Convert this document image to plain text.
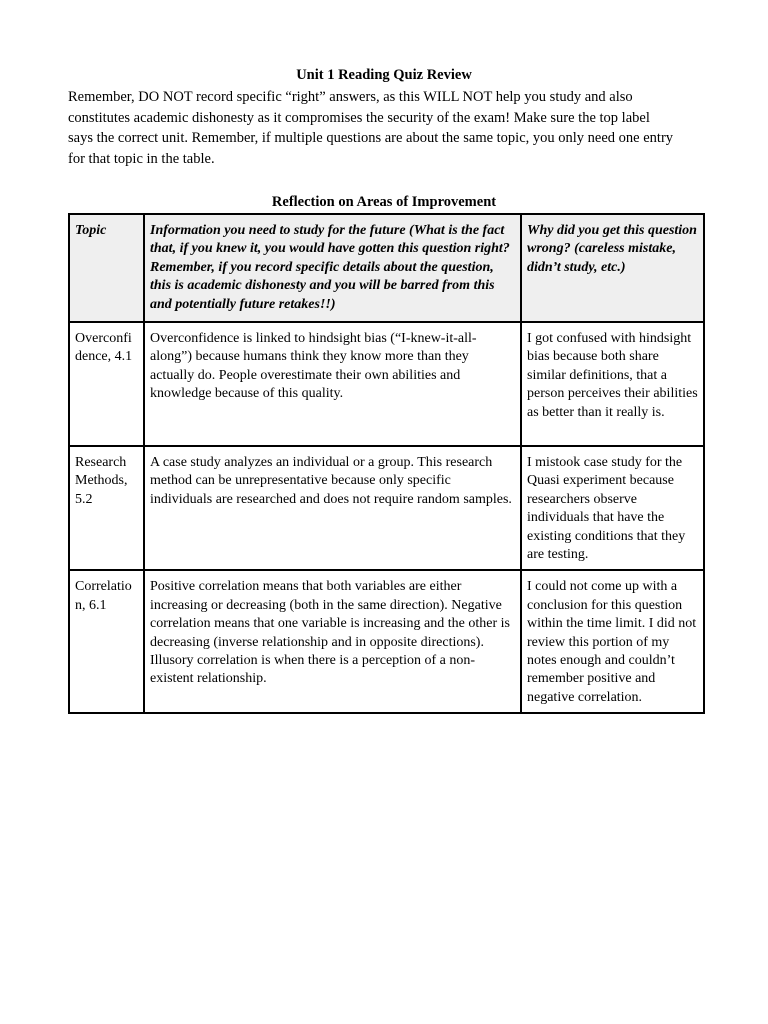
Unit 1 Reading Quiz Review
Remember, DO NOT record specific “right” answers, as this WILL NOT help you study and also
constitutes academic dishonesty as it compromises the security of the exam! Make sure the top label
says the correct unit. Remember, if multiple questions are about the same topic, you only need one entry
for that topic in the table.
Reflection on Areas of Improvement
Topic	Information you need to study for the future (What is the fact that, if you knew it, you would have gotten this question right? Remember, if you record specific details about the question, this is academic dishonesty and you will be barred from this and potentially future retakes!!)	Why did you get this question wrong? (careless mistake, didn’t study, etc.)
Overconfidence, 4.1	Overconfidence is linked to hindsight bias (“I-knew-it-all-along”) because humans think they know more than they actually do. People overestimate their own abilities and knowledge because of this quality.	I got confused with hindsight bias because both share similar definitions, that a person perceives their abilities as better than it really is.
Research Methods, 5.2	A case study analyzes an individual or a group. This research method can be unrepresentative because only specific individuals are researched and does not require random samples.	I mistook case study for the Quasi experiment because researchers observe individuals that have the existing conditions that they are testing.
Correlation, 6.1	Positive correlation means that both variables are either increasing or decreasing (both in the same direction). Negative correlation means that one variable is increasing and the other is decreasing (inverse relationship and in opposite directions). Illusory correlation is when there is a perception of a non-existent relationship.	I could not come up with a conclusion for this question within the time limit. I did not review this portion of my notes enough and couldn’t remember positive and negative correlation.
